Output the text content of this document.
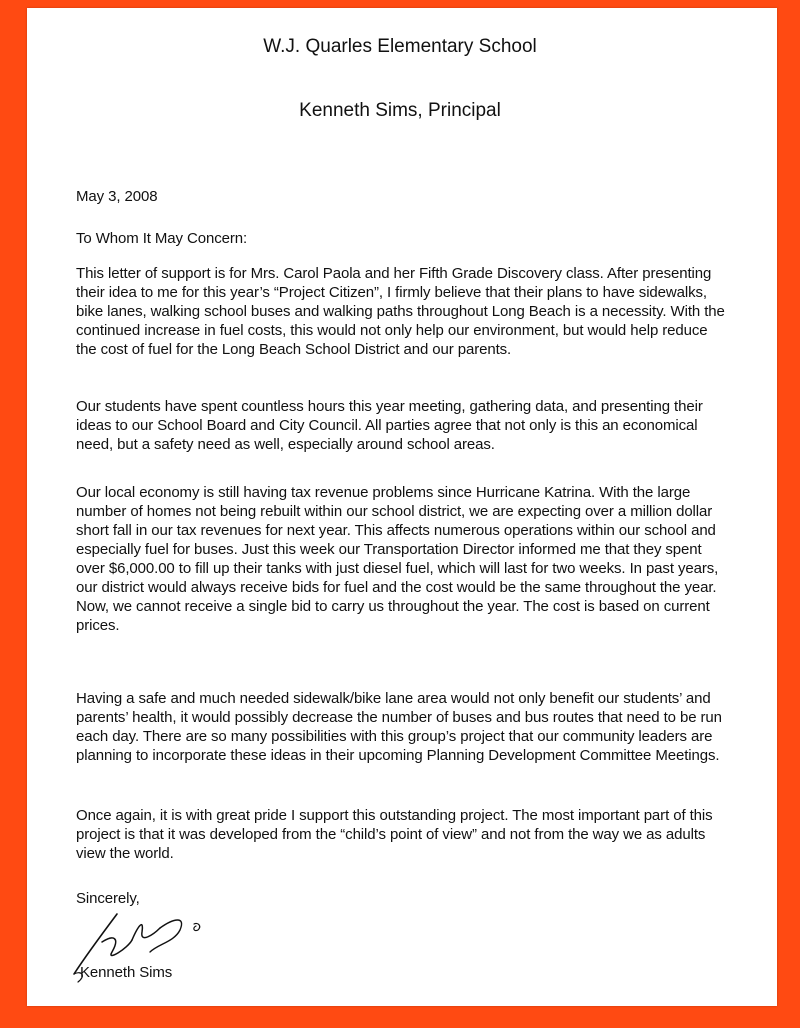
W.J. Quarles Elementary School
Kenneth Sims, Principal
May 3, 2008
To Whom It May Concern:
This letter of support is for Mrs. Carol Paola and her Fifth Grade Discovery class. After presenting their idea to me for this year’s “Project Citizen”, I firmly believe that their plans to have sidewalks, bike lanes, walking school buses and walking paths throughout Long Beach is a necessity. With the continued increase in fuel costs, this would not only help our environment, but would help reduce the cost of fuel for the Long Beach School District and our parents.
Our students have spent countless hours this year meeting, gathering data, and presenting their ideas to our School Board and City Council. All parties agree that not only is this an economical need, but a safety need as well, especially around school areas.
Our local economy is still having tax revenue problems since Hurricane Katrina. With the large number of homes not being rebuilt within our school district, we are expecting over a million dollar short fall in our tax revenues for next year. This affects numerous operations within our school and especially fuel for buses. Just this week our Transportation Director informed me that they spent over $6,000.00 to fill up their tanks with just diesel fuel, which will last for two weeks. In past years, our district would always receive bids for fuel and the cost would be the same throughout the year. Now, we cannot receive a single bid to carry us throughout the year. The cost is based on current prices.
Having a safe and much needed sidewalk/bike lane area would not only benefit our students’ and parents’ health, it would possibly decrease the number of buses and bus routes that need to be run each day. There are so many possibilities with this group’s project that our community leaders are planning to incorporate these ideas in their upcoming Planning Development Committee Meetings.
Once again, it is with great pride I support this outstanding project. The most important part of this project is that it was developed from the “child’s point of view” and not from the way we as adults view the world.
Sincerely,
Kenneth Sims
